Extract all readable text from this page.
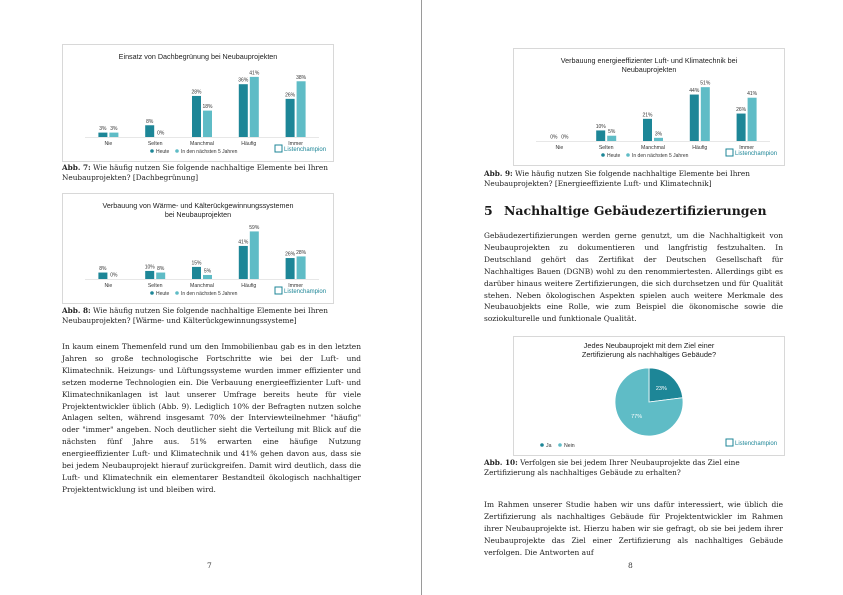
Einsatz von Dachbegrünung bei Neubauprojekten
3% 3%
Nie
8%
0%
Selten
28%
18%
Manchmal
36%
41%
Häufig
26%
38%
Immer
Heute In den nächsten 5 Jahren	Listenchampion
Abb. 7: Wie häufig nutzen Sie folgende nachhaltige Elemente bei Ihren Neubauprojekten? [Dachbegrünung]
Verbauung von Wärme- und Kälterückgewinnungssystemen
bei Neubauprojekten
8%
0%
Nie
10% 8%
Selten
15%
5%
Manchmal
41%
59%
Häufig
26% 28%
Immer
Heute In den nächsten 5 Jahren	Listenchampion
Abb. 8: Wie häufig nutzen Sie folgende nachhaltige Elemente bei Ihren Neubauprojekten? [Wärme- und Kälterückgewinnungssysteme]

In kaum einem Themenfeld rund um den Immobilienbau gab es in den letzten Jahren so große technologische Fortschritte wie bei der Luft- und Klimatechnik. Heizungs- und Lüftungssysteme wurden immer effizienter und setzen moderne Technologien ein. Die Verbauung energieeffizienter Luft- und Klimatechnikanlagen ist laut unserer Umfrage bereits heute für viele Projektentwickler üblich (Abb. 9). Lediglich 10% der Befragten nutzen solche Anlagen selten, während insgesamt 70% der Interviewteilnehmer "häufig" oder "immer" angeben. Noch deutlicher sieht die Verteilung mit Blick auf die nächsten fünf Jahre aus. 51% erwarten eine häufige Nutzung energieeffizienter Luft- und Klimatechnik und 41% gehen davon aus, dass sie bei jedem Neubauprojekt hierauf zurückgreifen. Damit wird deutlich, dass die Luft- und Klimatechnik ein elementarer Bestandteil ökologisch nachhaltiger Projektentwicklung ist und bleiben wird.

7
Verbauung energieeffizienter Luft- und Klimatechnik bei
Neubauprojekten
0% 0%
Nie
10%
5%
Selten
21%
3%
Manchmal
44%
51%
Häufig
26%
41%
Immer
Heute In den nächsten 5 Jahren	Listenchampion
Abb. 9: Wie häufig nutzen Sie folgende nachhaltige Elemente bei Ihren Neubauprojekten? [Energieeffiziente Luft- und Klimatechnik]
5 Nachhaltige Gebäudezertifizierungen

Gebäudezertifizierungen werden gerne genutzt, um die Nachhaltigkeit von Neubauprojekten zu dokumentieren und langfristig festzuhalten. In Deutschland gehört das Zertifikat der Deutschen Gesellschaft für Nachhaltiges Bauen (DGNB) wohl zu den renommiertesten. Allerdings gibt es darüber hinaus weitere Zertifizierungen, die sich durchsetzen und für Qualität stehen. Neben ökologischen Aspekten spielen auch weitere Merkmale des Neubauobjekts eine Rolle, wie zum Beispiel die ökonomische sowie die soziokulturelle und funktionale Qualität.

Jedes Neubauprojekt mit dem Ziel einer
Zertifizierung als nachhaltiges Gebäude?
23%
77%
Ja Nein	Listenchampion
Abb. 10: Verfolgen sie bei jedem Ihrer Neubauprojekte das Ziel eine Zertifizierung als nachhaltiges Gebäude zu erhalten?

Im Rahmen unserer Studie haben wir uns dafür interessiert, wie üblich die Zertifizierung als nachhaltiges Gebäude für Projektentwickler im Rahmen ihrer Neubauprojekte ist. Hierzu haben wir sie gefragt, ob sie bei jedem ihrer Neubauprojekte das Ziel einer Zertifizierung als nachhaltiges Gebäude verfolgen. Die Antworten auf

8
